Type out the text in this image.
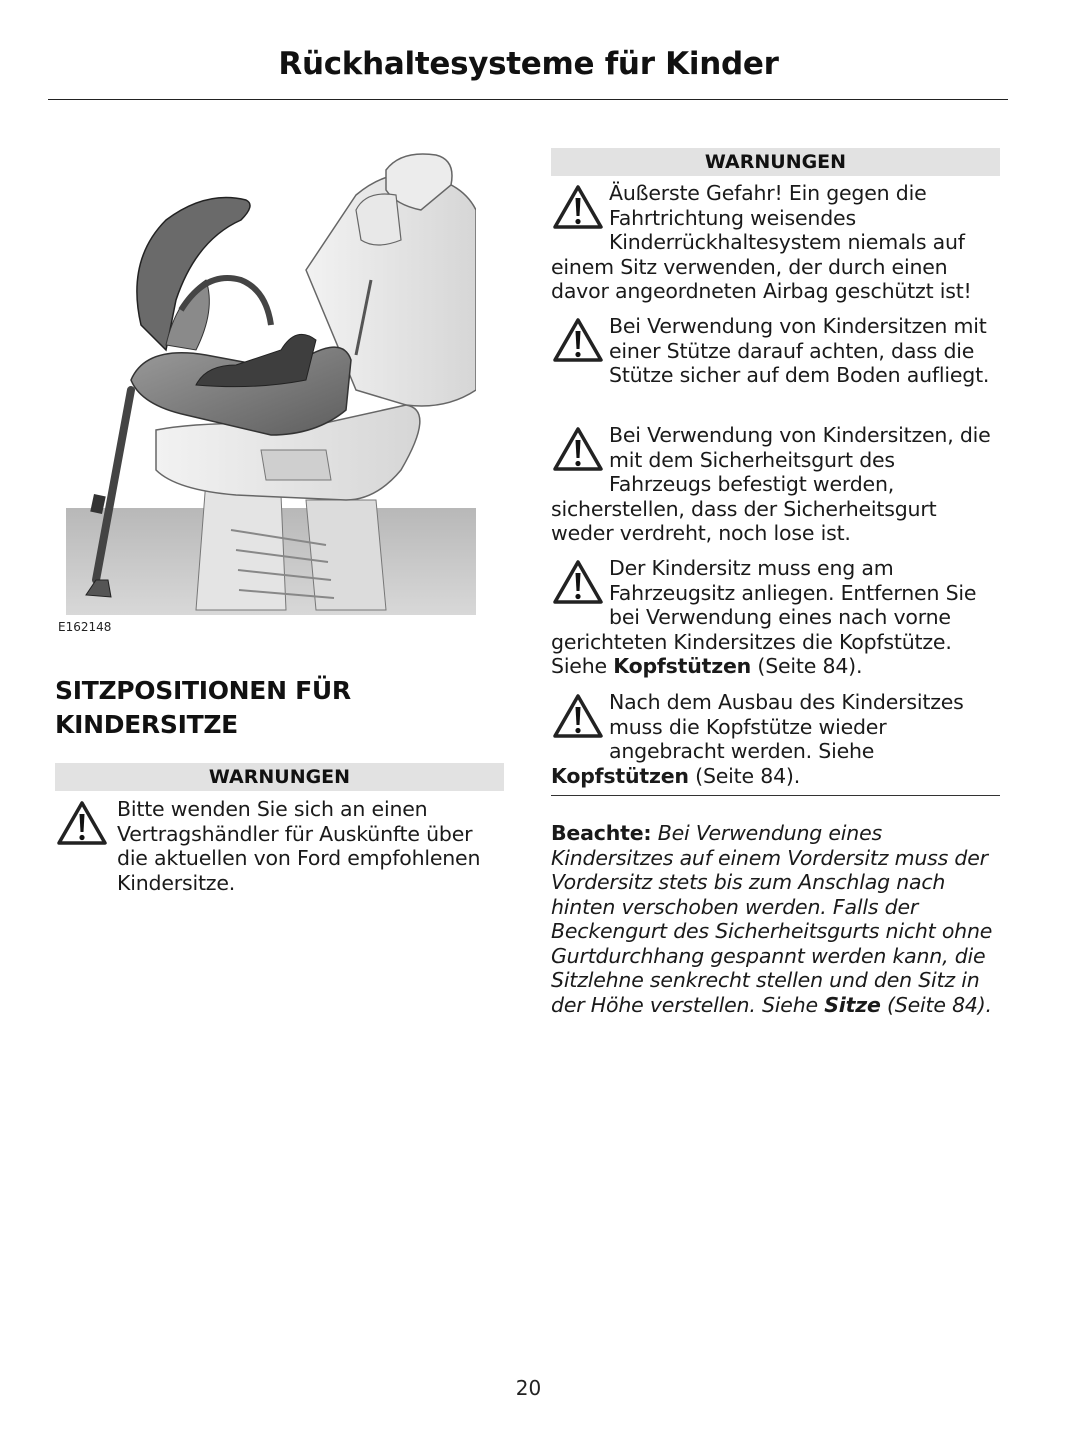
Rückhaltesysteme für Kinder
E162148
SITZPOSITIONEN FÜR
KINDERSITZE
WARNUNGEN
Bitte wenden Sie sich an einen Vertragshändler für Auskünfte über die aktuellen von Ford empfohlenen Kindersitze.
WARNUNGEN
Äußerste Gefahr! Ein gegen die Fahrtrichtung weisendes Kinderrückhaltesystem niemals auf einem Sitz verwenden, der durch einen davor angeordneten Airbag geschützt ist!
Bei Verwendung von Kindersitzen mit einer Stütze darauf achten, dass die Stütze sicher auf dem Boden aufliegt.
Bei Verwendung von Kindersitzen, die mit dem Sicherheitsgurt des Fahrzeugs befestigt werden, sicherstellen, dass der Sicherheitsgurt weder verdreht, noch lose ist.
Der Kindersitz muss eng am Fahrzeugsitz anliegen. Entfernen Sie bei Verwendung eines nach vorne gerichteten Kindersitzes die Kopfstütze. Siehe Kopfstützen (Seite 84).
Nach dem Ausbau des Kindersitzes muss die Kopfstütze wieder angebracht werden. Siehe Kopfstützen (Seite 84).
Beachte: Bei Verwendung eines Kindersitzes auf einem Vordersitz muss der Vordersitz stets bis zum Anschlag nach hinten verschoben werden. Falls der Beckengurt des Sicherheitsgurts nicht ohne Gurtdurchhang gespannt werden kann, die Sitzlehne senkrecht stellen und den Sitz in der Höhe verstellen. Siehe Sitze (Seite 84).
20
